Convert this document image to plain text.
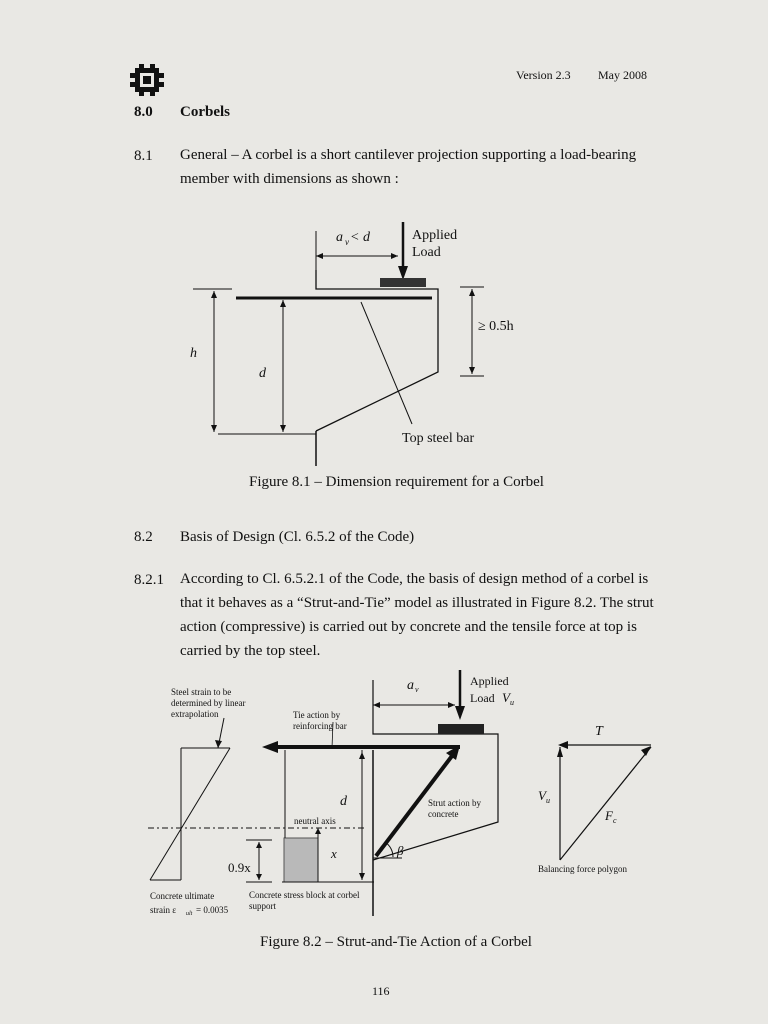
Version 2.3 May 2008
8.0 Corbels
8.1 General – A corbel is a short cantilever projection supporting a load-bearing
member with dimensions as shown :
a v < d	Applied
Load
h
d
≥ 0.5h
Top steel bar
Figure 8.1 – Dimension requirement for a Corbel
8.2 Basis of Design (Cl. 6.5.2 of the Code)
8.2.1 According to Cl. 6.5.2.1 of the Code, the basis of design method of a corbel is
that it behaves as a “Strut-and-Tie” model as illustrated in Figure 8.2. The strut
action (compressive) is carried out by concrete and the tensile force at top is
carried by the top steel.
Steel strain to be
determined by linear
extrapolation	Tie action by
reinforcing bar
a v
Applied
Load V u
d
neutral axis
Strut action by
concrete
x	β
0.9x
Concrete ultimate
strain ε ult = 0.0035
Concrete stress block at corbel
support
T
V u
F c
Balancing force polygon
Figure 8.2 – Strut-and-Tie Action of a Corbel
116
